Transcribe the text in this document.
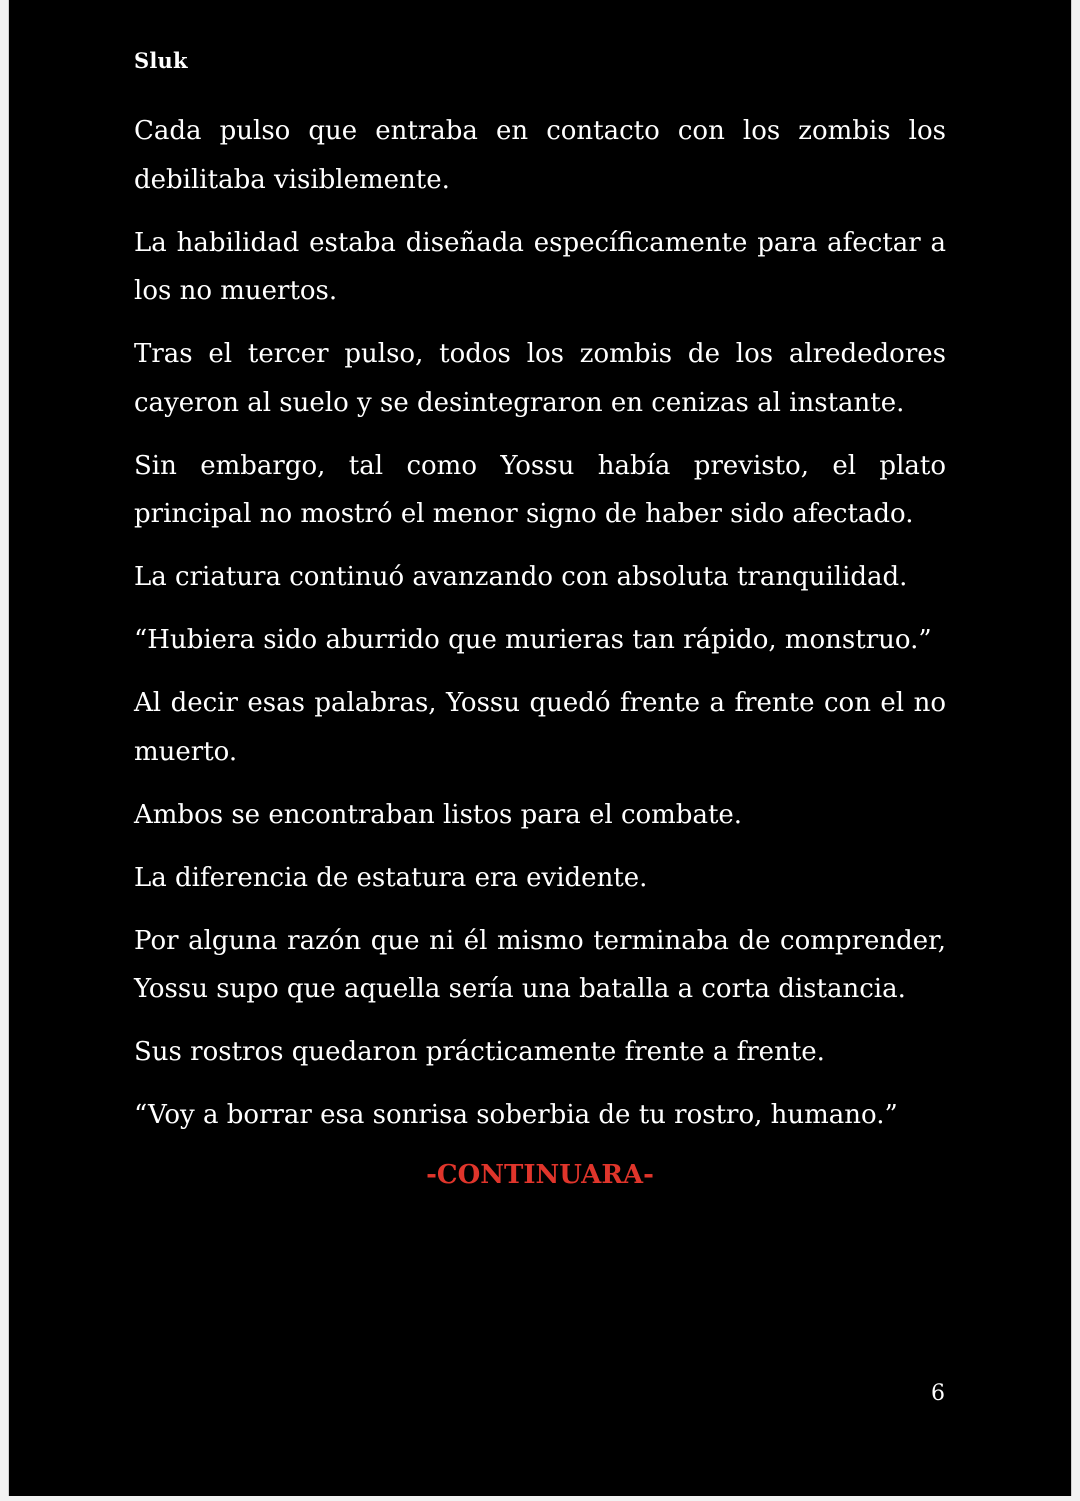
Sluk

Cada pulso que entraba en contacto con los zombis los debilitaba visiblemente.

La habilidad estaba diseñada específicamente para afectar a los no muertos.

Tras el tercer pulso, todos los zombis de los alrededores cayeron al suelo y se desintegraron en cenizas al instante.

Sin embargo, tal como Yossu había previsto, el plato principal no mostró el menor signo de haber sido afectado.

La criatura continuó avanzando con absoluta tranquilidad.

“Hubiera sido aburrido que murieras tan rápido, monstruo.”

Al decir esas palabras, Yossu quedó frente a frente con el no muerto.

Ambos se encontraban listos para el combate.

La diferencia de estatura era evidente.

Por alguna razón que ni él mismo terminaba de comprender, Yossu supo que aquella sería una batalla a corta distancia.

Sus rostros quedaron prácticamente frente a frente.

“Voy a borrar esa sonrisa soberbia de tu rostro, humano.”

-CONTINUARA-
6
